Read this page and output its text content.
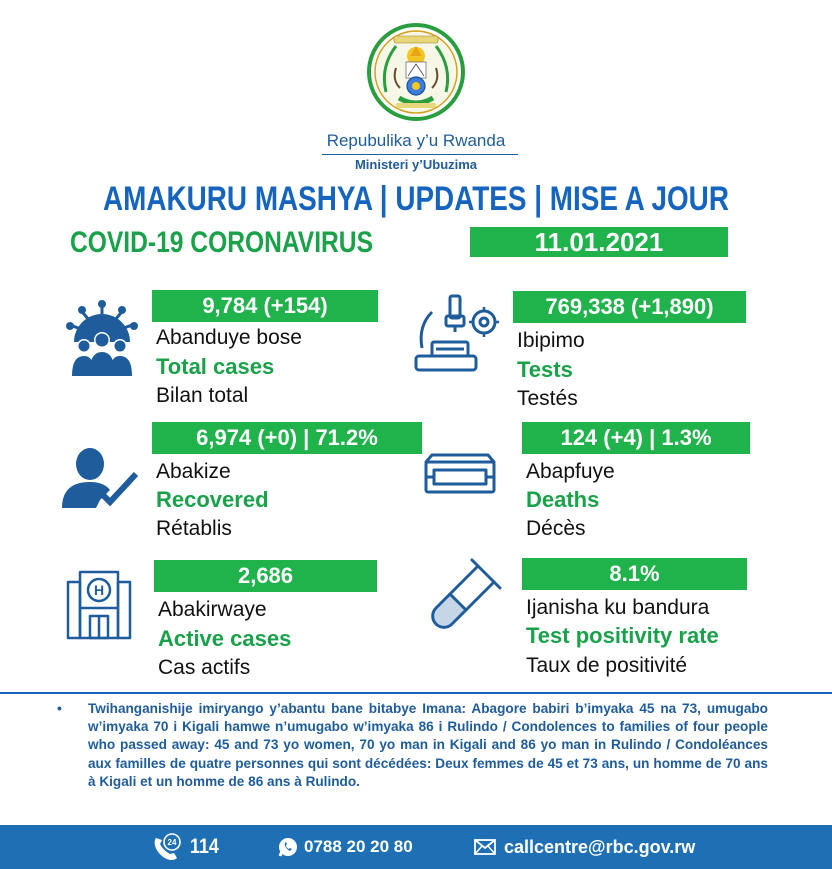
Repubulika y’u Rwanda
Ministeri y’Ubuzima
AMAKURU MASHYA | UPDATES | MISE A JOUR
COVID-19 CORONAVIRUS	11.01.2021
9,784 (+154)
Abanduye bose
Total cases
Bilan total
769,338 (+1,890)
Ibipimo
Tests
Testés
6,974 (+0) | 71.2%
Abakize
Recovered
Rétablis
124 (+4) | 1.3%
Abapfuye
Deaths
Décès
H
2,686
Abakirwaye
Active cases
Cas actifs
8.1%
Ijanisha ku bandura
Test positivity rate
Taux de positivité
• Twihanganishije imiryango y’abantu bane bitabye Imana: Abagore babiri b’imyaka 45 na 73, umugabo w’imyaka 70 i Kigali hamwe n’umugabo w’imyaka 86 i Rulindo / Condolences to families of four people who passed away: 45 and 73 yo women, 70 yo man in Kigali and 86 yo man in Rulindo / Condoléances aux familles de quatre personnes qui sont décédées: Deux femmes de 45 et 73 ans, un homme de 70 ans à Kigali et un homme de 86 ans à Rulindo.
24 114	0788 20 20 80	callcentre@rbc.gov.rw
